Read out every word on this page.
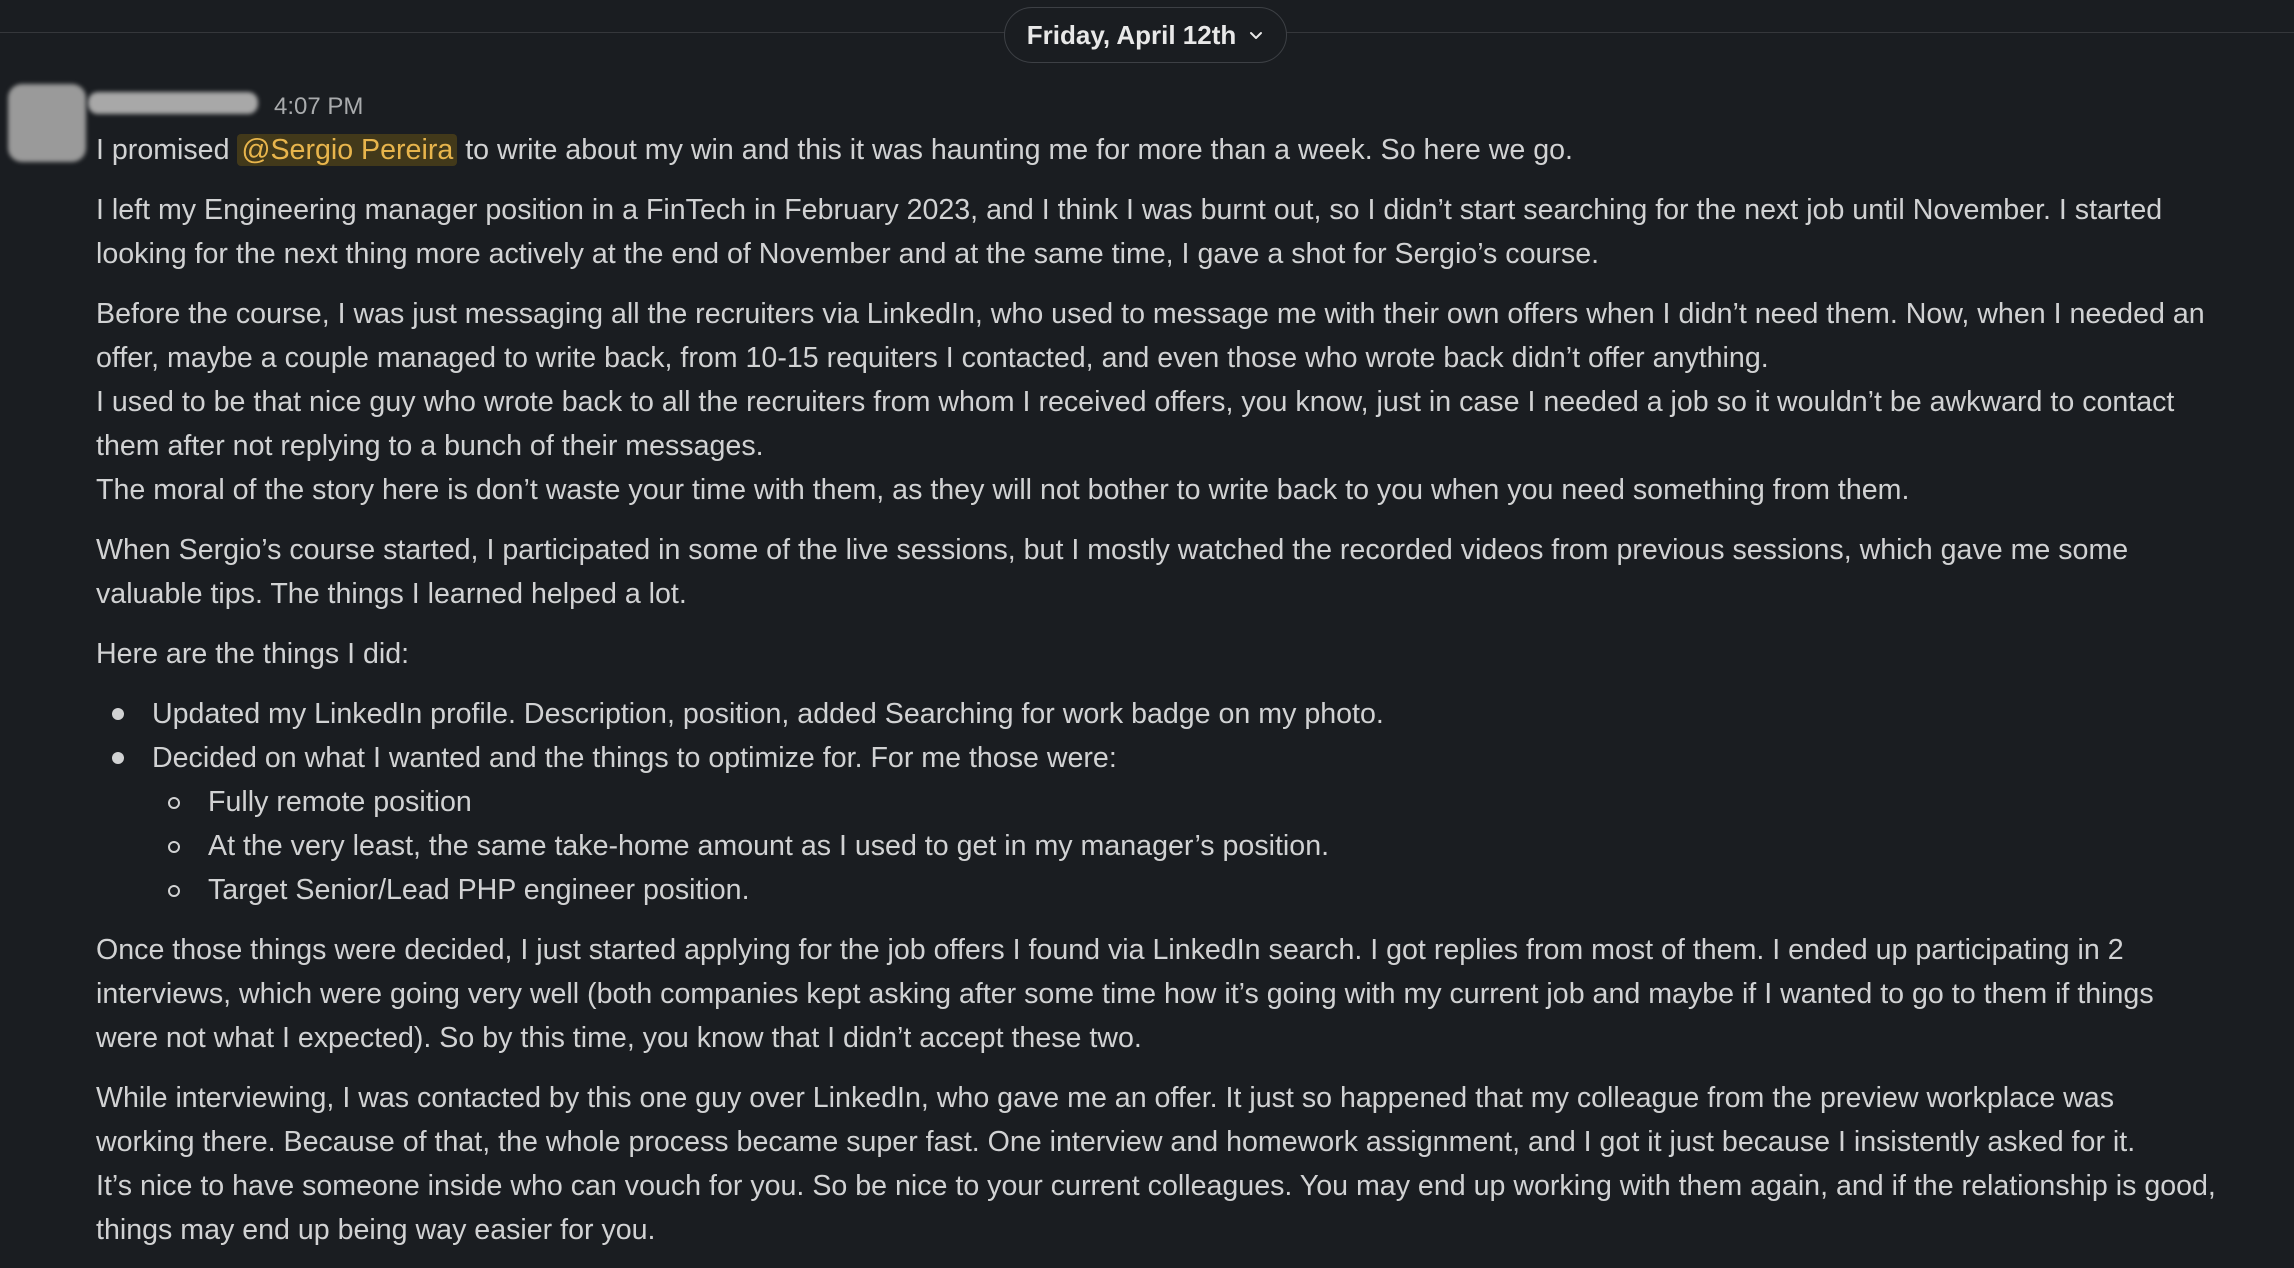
Friday, April 12th
4:07 PM

I promised @Sergio Pereira to write about my win and this it was haunting me for more than a week. So here we go.

I left my Engineering manager position in a FinTech in February 2023, and I think I was burnt out, so I didn’t start searching for the next job until November. I started
looking for the next thing more actively at the end of November and at the same time, I gave a shot for Sergio’s course.

Before the course, I was just messaging all the recruiters via LinkedIn, who used to message me with their own offers when I didn’t need them. Now, when I needed an
offer, maybe a couple managed to write back, from 10-15 requiters I contacted, and even those who wrote back didn’t offer anything.
I used to be that nice guy who wrote back to all the recruiters from whom I received offers, you know, just in case I needed a job so it wouldn’t be awkward to contact
them after not replying to a bunch of their messages.
The moral of the story here is don’t waste your time with them, as they will not bother to write back to you when you need something from them.

When Sergio’s course started, I participated in some of the live sessions, but I mostly watched the recorded videos from previous sessions, which gave me some
valuable tips. The things I learned helped a lot.

Here are the things I did:

Updated my LinkedIn profile. Description, position, added Searching for work badge on my photo.
Decided on what I wanted and the things to optimize for. For me those were:
Fully remote position
At the very least, the same take-home amount as I used to get in my manager’s position.
Target Senior/Lead PHP engineer position.

Once those things were decided, I just started applying for the job offers I found via LinkedIn search. I got replies from most of them. I ended up participating in 2
interviews, which were going very well (both companies kept asking after some time how it’s going with my current job and maybe if I wanted to go to them if things
were not what I expected). So by this time, you know that I didn’t accept these two.

While interviewing, I was contacted by this one guy over LinkedIn, who gave me an offer. It just so happened that my colleague from the preview workplace was
working there. Because of that, the whole process became super fast. One interview and homework assignment, and I got it just because I insistently asked for it.
It’s nice to have someone inside who can vouch for you. So be nice to your current colleagues. You may end up working with them again, and if the relationship is good,
things may end up being way easier for you.
